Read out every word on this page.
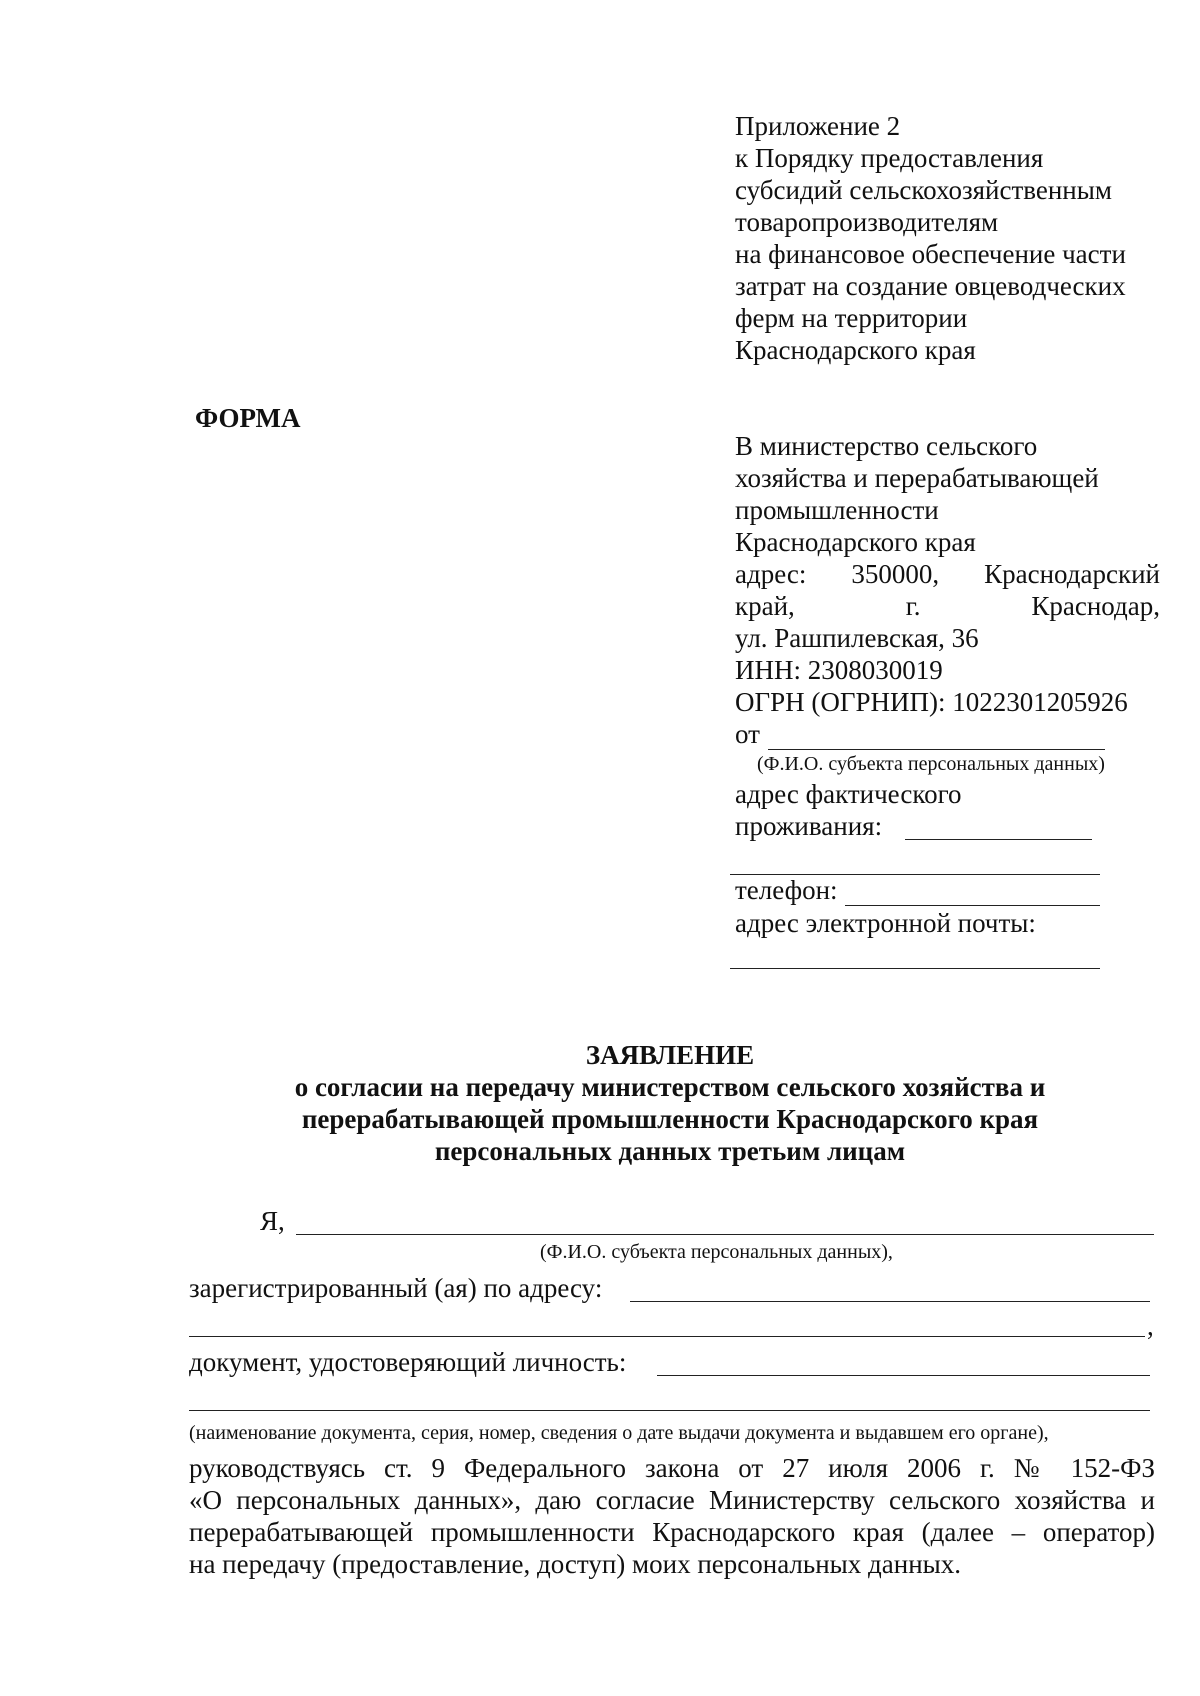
Приложение 2
к Порядку предоставления
субсидий сельскохозяйственным
товаропроизводителям
на финансовое обеспечение части
затрат на создание овцеводческих
ферм на территории
Краснодарского края
ФОРМА
В министерство сельского
хозяйства и перерабатывающей
промышленности
Краснодарского края
адрес: 350000, Краснодарский
край,	г.	Краснодар,
ул. Рашпилевская, 36
ИНН: 2308030019
ОГРН (ОГРНИП): 1022301205926
от
(Ф.И.О. субъекта персональных данных)
адрес фактического
проживания:
телефон:
адрес электронной почты:
ЗАЯВЛЕНИЕ
о согласии на передачу министерством сельского хозяйства и
перерабатывающей промышленности Краснодарского края
персональных данных третьим лицам
Я,
(Ф.И.О. субъекта персональных данных),
зарегистрированный (ая) по адресу:
,
документ, удостоверяющий личность:
(наименование документа, серия, номер, сведения о дате выдачи документа и выдавшем его органе),
руководствуясь ст. 9 Федерального закона от 27 июля 2006 г. № 152-ФЗ
«О персональных данных», даю согласие Министерству сельского хозяйства и
перерабатывающей промышленности Краснодарского края (далее – оператор)
на передачу (предоставление, доступ) моих персональных данных.
